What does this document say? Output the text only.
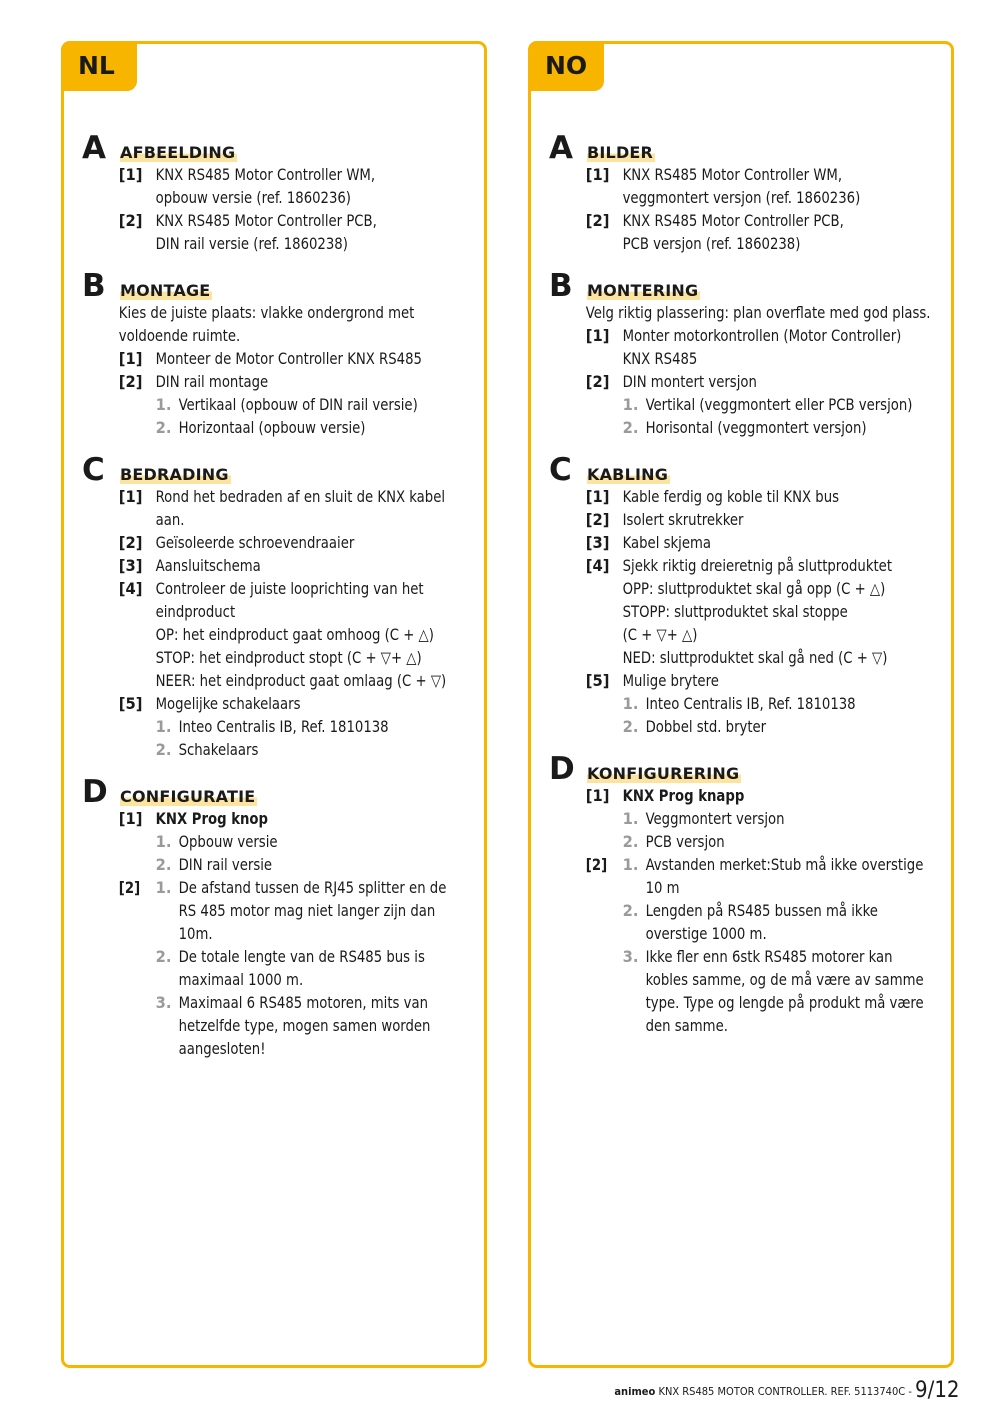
NL
A AFBEELDING
[1] KNX RS485 Motor Controller WM,
opbouw versie (ref. 1860236)
[2] KNX RS485 Motor Controller PCB,
DIN rail versie (ref. 1860238)
B MONTAGE
Kies de juiste plaats: vlakke ondergrond met
voldoende ruimte.
[1] Monteer de Motor Controller KNX RS485
[2] DIN rail montage
1. Vertikaal (opbouw of DIN rail versie)
2. Horizontaal (opbouw versie)
C BEDRADING
[1] Rond het bedraden af en sluit de KNX kabel
aan.
[2] Geïsoleerde schroevendraaier
[3] Aansluitschema
[4] Controleer de juiste looprichting van het
eindproduct
OP: het eindproduct gaat omhoog (C + △)
STOP: het eindproduct stopt (C + ▽+ △)
NEER: het eindproduct gaat omlaag (C + ▽)
[5] Mogelijke schakelaars
1. Inteo Centralis IB, Ref. 1810138
2. Schakelaars
D CONFIGURATIE
[1] KNX Prog knop
1. Opbouw versie
2. DIN rail versie
[2] 1. De afstand tussen de RJ45 splitter en de
RS 485 motor mag niet langer zijn dan
10m.
2. De totale lengte van de RS485 bus is
maximaal 1000 m.
3. Maximaal 6 RS485 motoren, mits van
hetzelfde type, mogen samen worden
aangesloten!
NO
A BILDER
[1] KNX RS485 Motor Controller WM,
veggmontert versjon (ref. 1860236)
[2] KNX RS485 Motor Controller PCB,
PCB versjon (ref. 1860238)
B MONTERING
Velg riktig plassering: plan overflate med god plass.
[1] Monter motorkontrollen (Motor Controller)
KNX RS485
[2] DIN montert versjon
1. Vertikal (veggmontert eller PCB versjon)
2. Horisontal (veggmontert versjon)
C KABLING
[1] Kable ferdig og koble til KNX bus
[2] Isolert skrutrekker
[3] Kabel skjema
[4] Sjekk riktig dreieretnig på sluttproduktet
OPP: sluttproduktet skal gå opp (C + △)
STOPP: sluttproduktet skal stoppe
(C + ▽+ △)
NED: sluttproduktet skal gå ned (C + ▽)
[5] Mulige brytere
1. Inteo Centralis IB, Ref. 1810138
2. Dobbel std. bryter
D KONFIGURERING
[1] KNX Prog knapp
1. Veggmontert versjon
2. PCB versjon
[2] 1. Avstanden merket:Stub må ikke overstige
10 m
2. Lengden på RS485 bussen må ikke
overstige 1000 m.
3. Ikke fler enn 6stk RS485 motorer kan
kobles samme, og de må være av samme
type. Type og lengde på produkt må være
den samme.
animeo KNX RS485 MOTOR CONTROLLER. REF. 5113740C - 9/12
